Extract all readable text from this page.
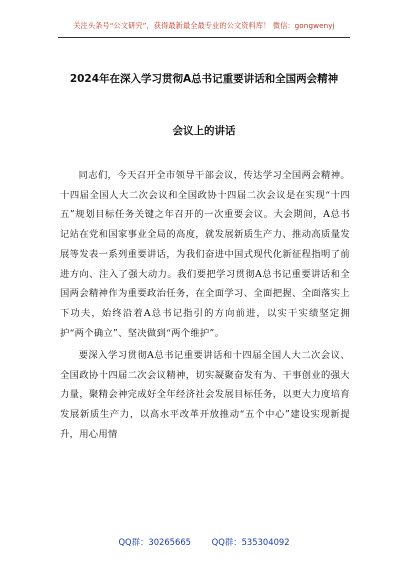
关注头条号“公文研究”，获得最新最全最专业的公文资料库！ 微信：gongwenyj
2024年在深入学习贯彻A总书记重要讲话和全国两会精神
会议上的讲话

同志们，今天召开全市领导干部会议，传达学习全国两会精神。十四届全国人大二次会议和全国政协十四届二次会议是在实现“十四五”规划目标任务关键之年召开的一次重要会议。大会期间，A总书记站在党和国家事业全局的高度，就发展新质生产力、推动高质量发展等发表一系列重要讲话，为我们奋进中国式现代化新征程指明了前进方向、注入了强大动力。我们要把学习贯彻A总书记重要讲话和全国两会精神作为重要政治任务，在全面学习、全面把握、全面落实上下功夫，始终沿着A总书记指引的方向前进，以实干实绩坚定拥护“两个确立”、坚决做到“两个维护”。

要深入学习贯彻A总书记重要讲话和十四届全国人大二次会议、全国政协十四届二次会议精神，切实凝聚奋发有为、干事创业的强大力量，聚精会神完成好全年经济社会发展目标任务，以更大力度培育发展新质生产力，以高水平改革开放推动“五个中心”建设实现新提升，用心用情

QQ群：30265665 QQ群：535304092
